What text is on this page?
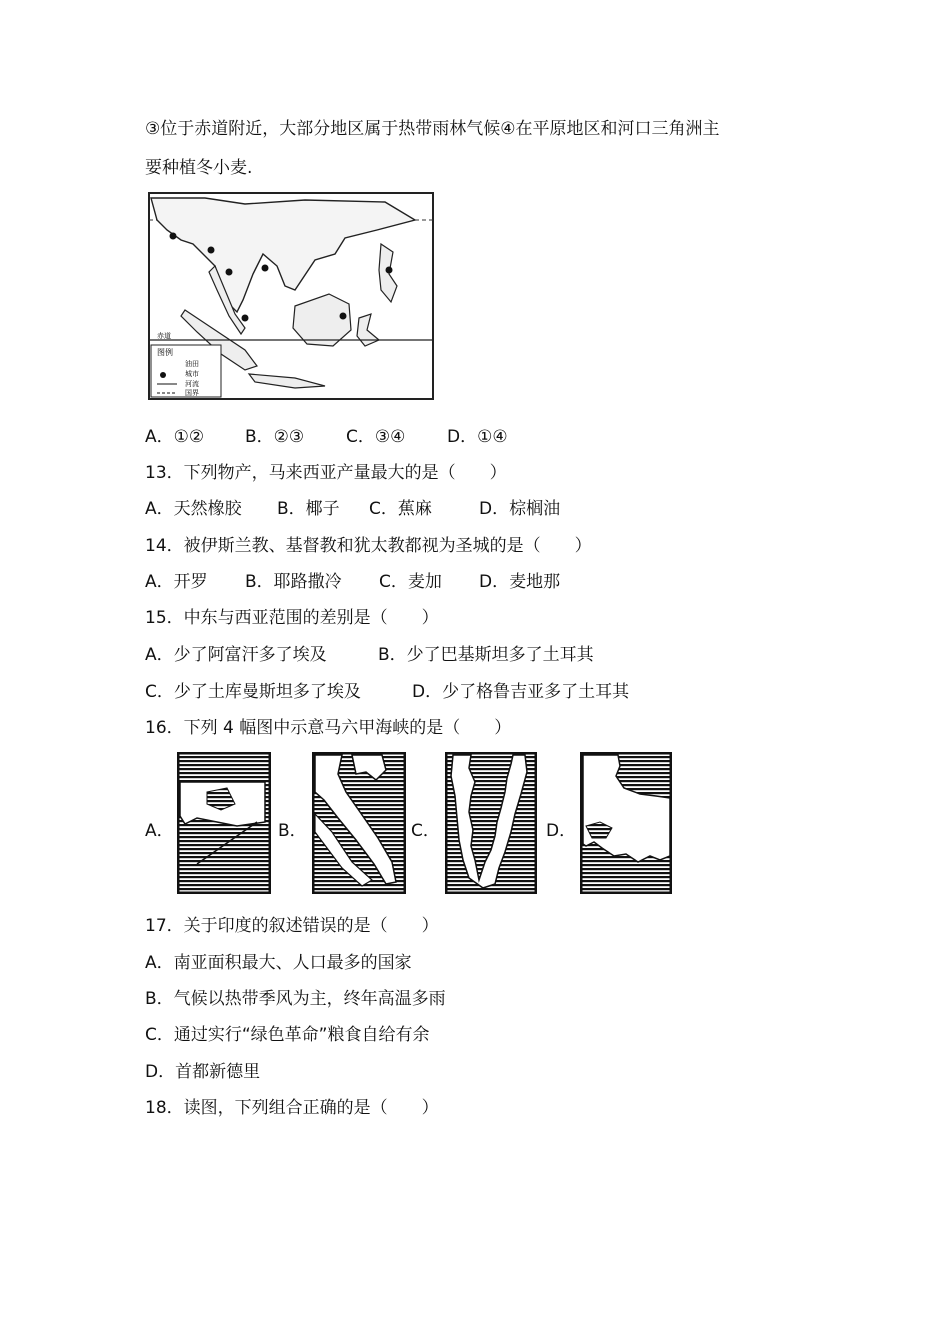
③位于赤道附近，大部分地区属于热带雨林气候④在平原地区和河口三角洲主
要种植冬小麦.
图例
油田
城市
河流
国界
赤道
A．①② B．②③ C．③④ D．①④
13．下列物产，马来西亚产量最大的是（　　）
A．天然橡胶 B．椰子 C．蕉麻	D．棕榈油
14．被伊斯兰教、基督教和犹太教都视为圣城的是（　　）
A．开罗 B．耶路撒冷 C．麦加 D．麦地那
15．中东与西亚范围的差别是（　　）
A．少了阿富汗多了埃及	B．少了巴基斯坦多了土耳其
C．少了土库曼斯坦多了埃及	D．少了格鲁吉亚多了土耳其
16．下列 4 幅图中示意马六甲海峡的是（　　）
A．	B．	C．	D．
17．关于印度的叙述错误的是（　　）
A．南亚面积最大、人口最多的国家
B．气候以热带季风为主，终年高温多雨
C．通过实行“绿色革命”粮食自给有余
D．首都新德里
18．读图，下列组合正确的是（　　）
